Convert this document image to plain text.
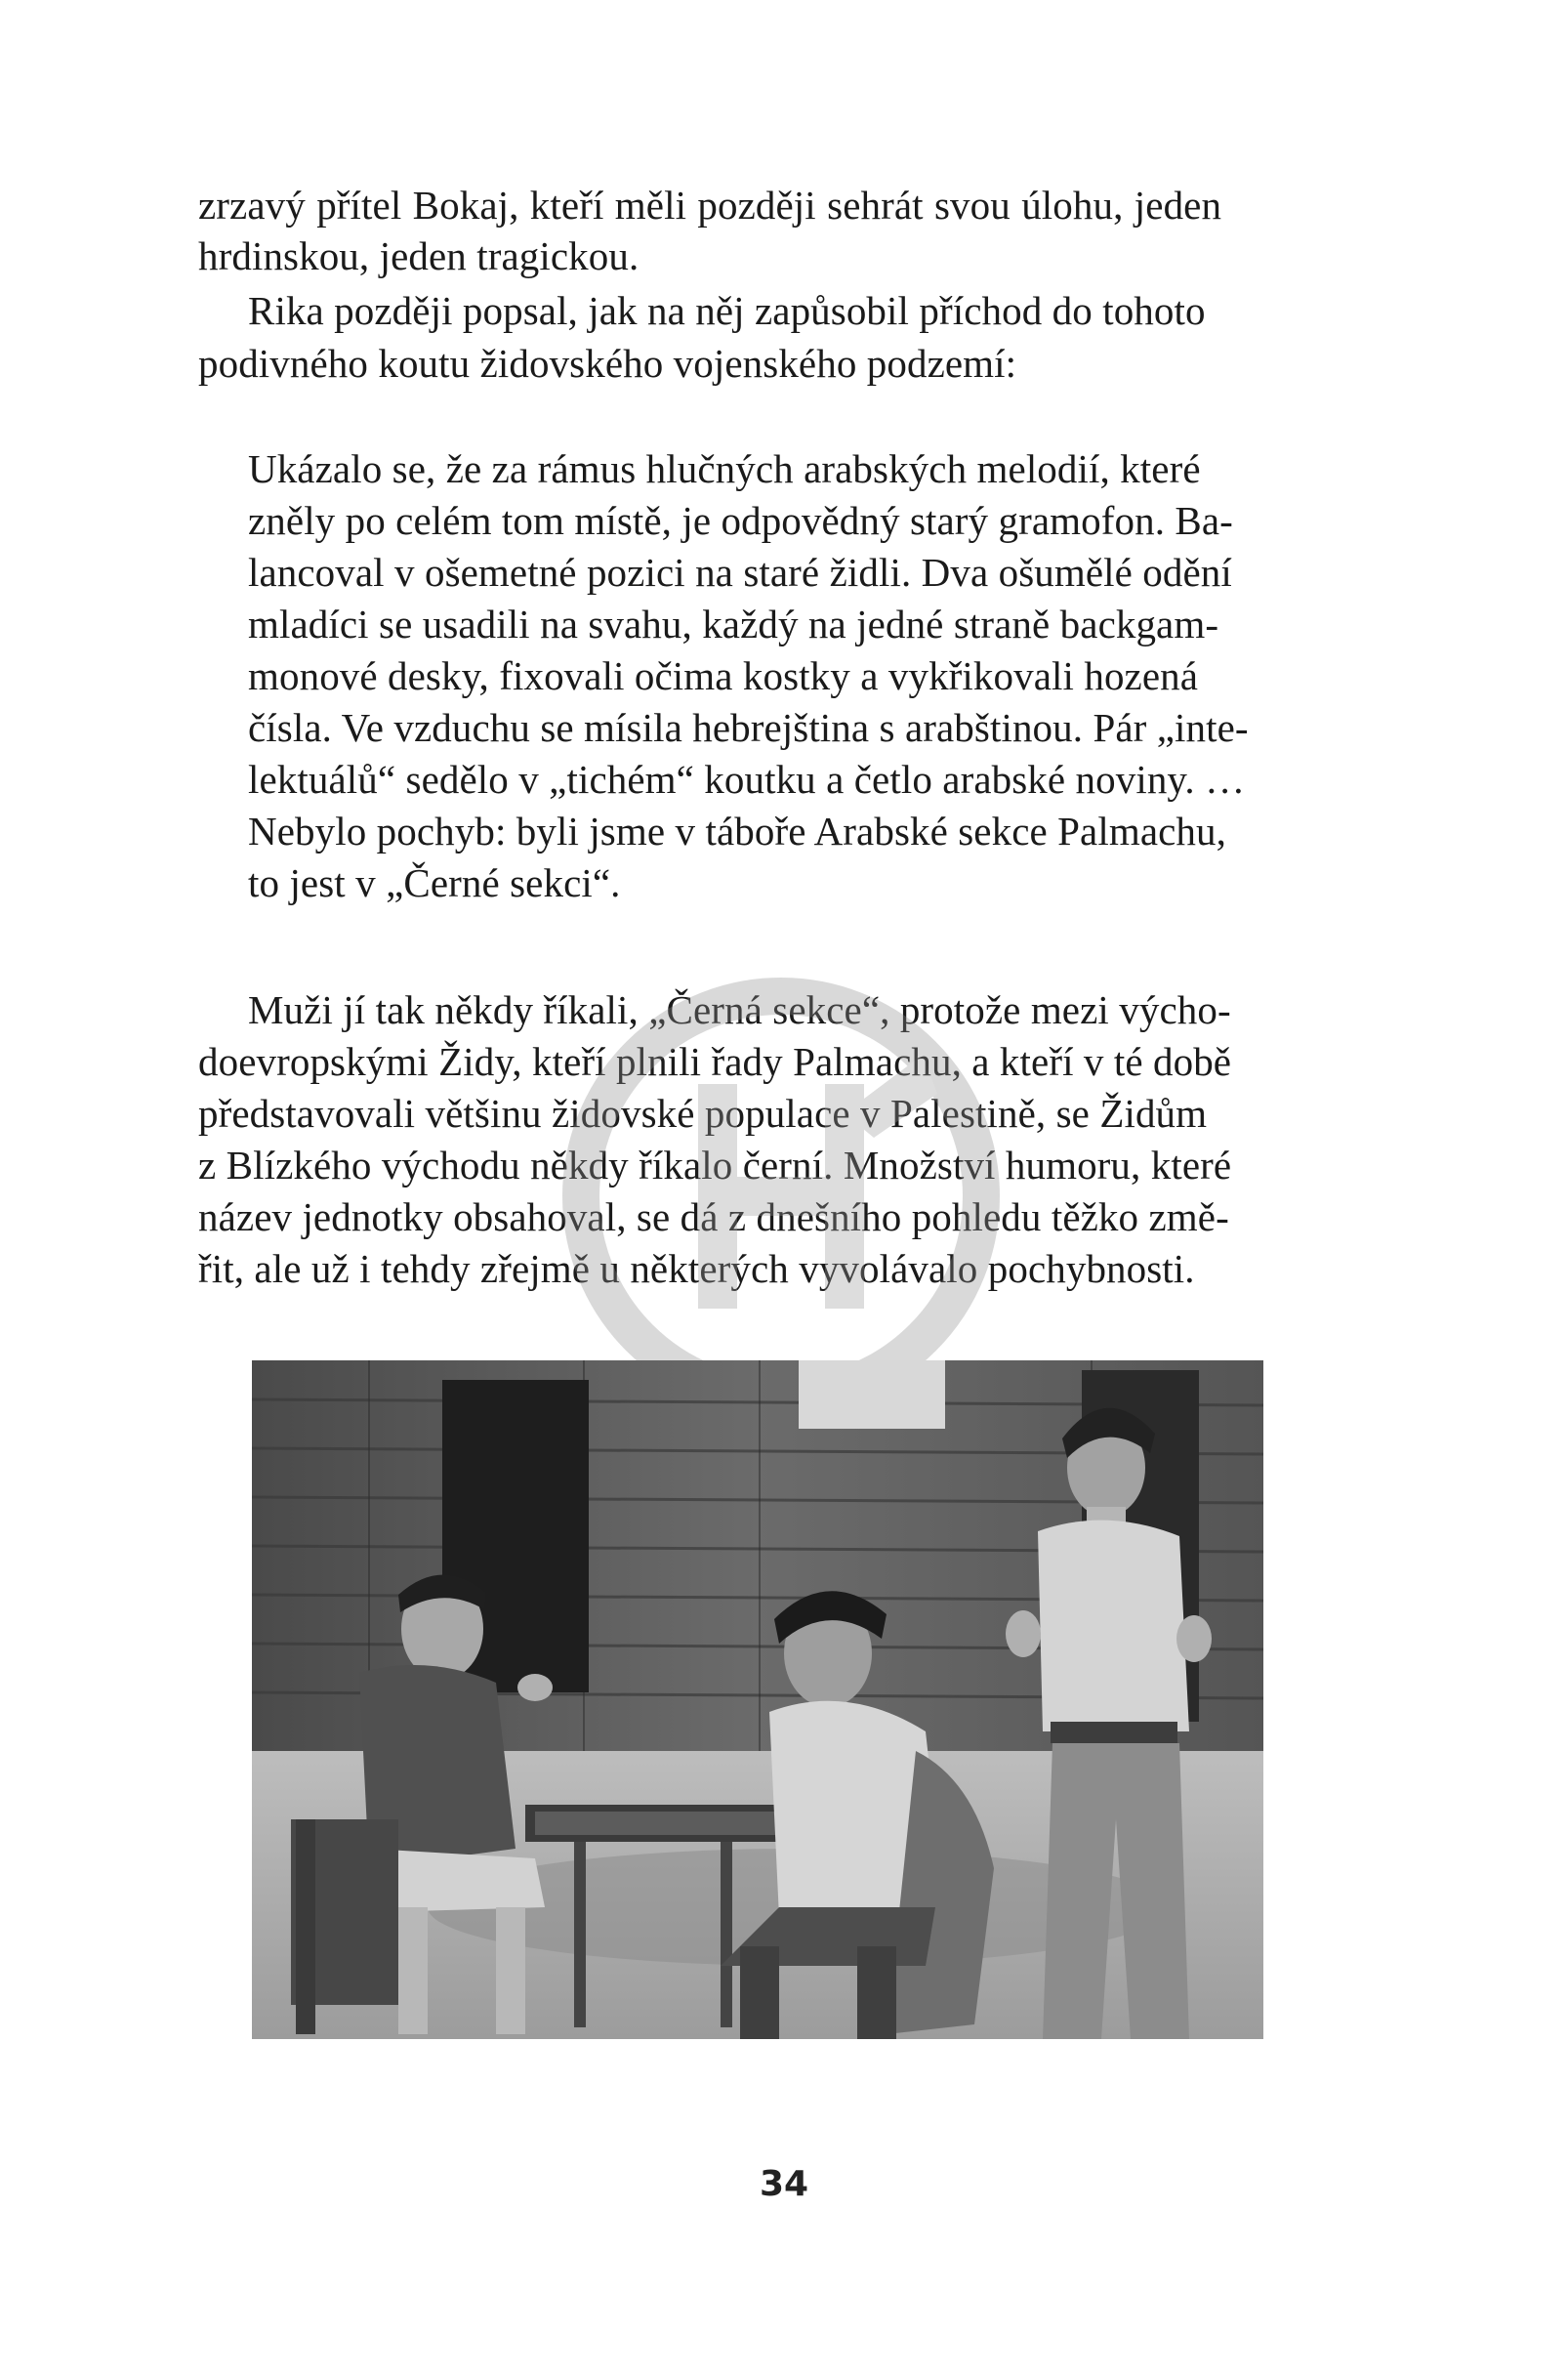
zrzavý přítel Bokaj, kteří měli později sehrát svou úlohu, jeden
hrdinskou, jeden tragickou.
Rika později popsal, jak na něj zapůsobil příchod do tohoto
podivného koutu židovského vojenského podzemí:
Ukázalo se, že za rámus hlučných arabských melodií, které
zněly po celém tom místě, je odpovědný starý gramofon. Ba-
lancoval v ošemetné pozici na staré židli. Dva ošumělé odění
mladíci se usadili na svahu, každý na jedné straně backgam-
monové desky, fixovali očima kostky a vykřikovali hozená
čísla. Ve vzduchu se mísila hebrejština s arabštinou. Pár „inte-
lektuálů“ sedělo v „tichém“ koutku a četlo arabské noviny. …
Nebylo pochyb: byli jsme v táboře Arabské sekce Palmachu,
to jest v „Černé sekci“.
Muži jí tak někdy říkali, „Černá sekce“, protože mezi výcho-
doevropskými Židy, kteří plnili řady Palmachu, a kteří v té době
představovali většinu židovské populace v Palestině, se Židům
z Blízkého východu někdy říkalo černí. Množství humoru, které
název jednotky obsahoval, se dá z dnešního pohledu těžko změ-
řit, ale už i tehdy zřejmě u některých vyvolávalo pochybnosti.
34
